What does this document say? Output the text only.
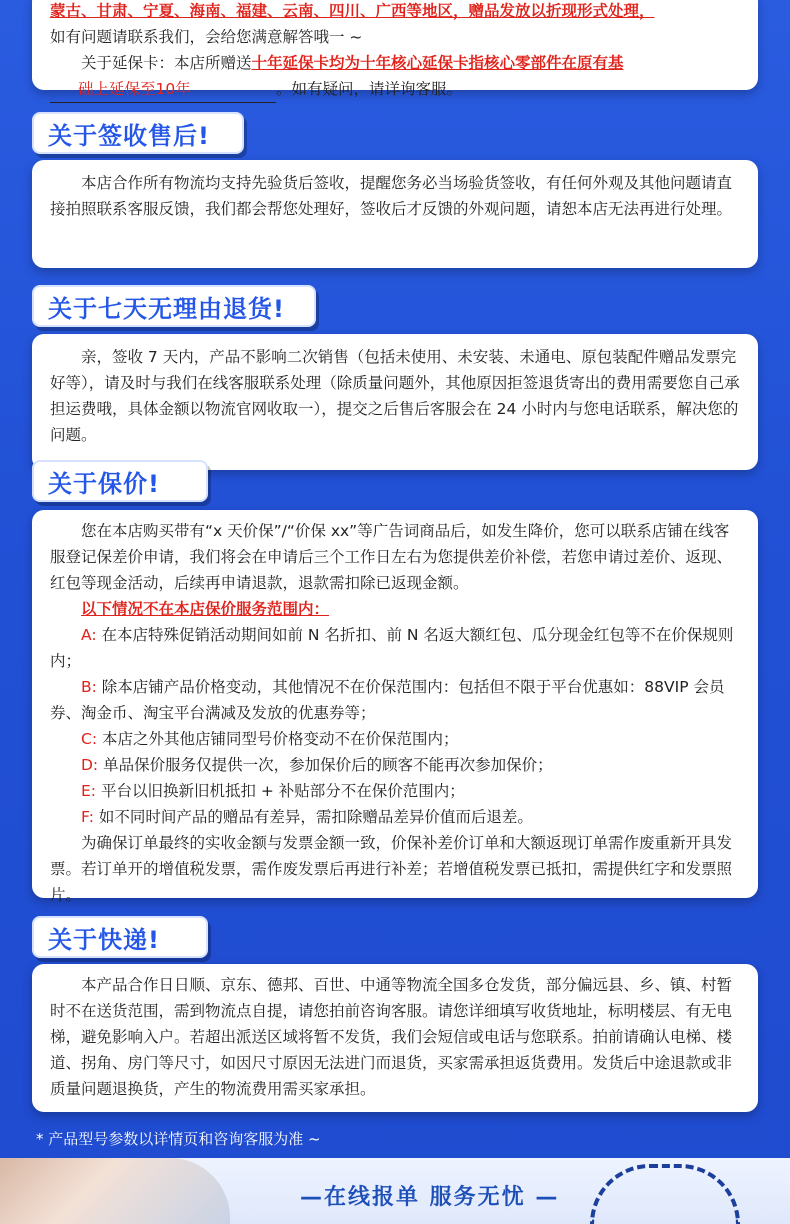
蒙古、甘肃、宁夏、海南、福建、云南、四川、广西等地区，赠品发放以折现形式处理，

如有问题请联系我们，会给您满意解答哦一 ~

关于延保卡：本店所赠送十年延保卡均为十年核心延保卡指核心零部件在原有基

础上延保至10年	。如有疑问，请详询客服。

关于签收售后!

本店合作所有物流均支持先验货后签收，提醒您务必当场验货签收，有任何外观及其他问题请直接拍照联系客服反馈，我们都会帮您处理好，签收后才反馈的外观问题，请恕本店无法再进行处理。

关于七天无理由退货!

亲，签收 7 天内，产品不影响二次销售（包括未使用、未安装、未通电、原包装配件赠品发票完好等），请及时与我们在线客服联系处理（除质量问题外，其他原因拒签退货寄出的费用需要您自己承担运费哦，具体金额以物流官网收取一），提交之后售后客服会在 24 小时内与您电话联系，解决您的问题。

关于保价!

您在本店购买带有“x 天价保”/“价保 xx”等广告词商品后，如发生降价，您可以联系店铺在线客服登记保差价申请，我们将会在申请后三个工作日左右为您提供差价补偿，若您申请过差价、返现、红包等现金活动，后续再申请退款，退款需扣除已返现金额。

以下情况不在本店保价服务范围内：

A: 在本店特殊促销活动期间如前 N 名折扣、前 N 名返大额红包、瓜分现金红包等不在价保规则内；

B: 除本店铺产品价格变动，其他情况不在价保范围内：包括但不限于平台优惠如：88VIP 会员券、淘金币、淘宝平台满减及发放的优惠券等；

C: 本店之外其他店铺同型号价格变动不在价保范围内；

D: 单品保价服务仅提供一次，参加保价后的顾客不能再次参加保价；

E: 平台以旧换新旧机抵扣 + 补贴部分不在保价范围内；

F: 如不同时间产品的赠品有差异，需扣除赠品差异价值而后退差。

为确保订单最终的实收金额与发票金额一致，价保补差价订单和大额返现订单需作废重新开具发票。若订单开的增值税发票，需作废发票后再进行补差；若增值税发票已抵扣，需提供红字和发票照片。

关于快递!

本产品合作日日顺、京东、德邦、百世、中通等物流全国多仓发货，部分偏远县、乡、镇、村暂时不在送货范围，需到物流点自提，请您拍前咨询客服。请您详细填写收货地址，标明楼层、有无电梯，避免影响入户。若超出派送区域将暂不发货，我们会短信或电话与您联系。拍前请确认电梯、楼道、拐角、房门等尺寸，如因尺寸原因无法进门而退货，买家需承担返货费用。发货后中途退款或非质量问题退换货，产生的物流费用需买家承担。

* 产品型号参数以详情页和咨询客服为准 ~
—在线报单 服务无忧 —
